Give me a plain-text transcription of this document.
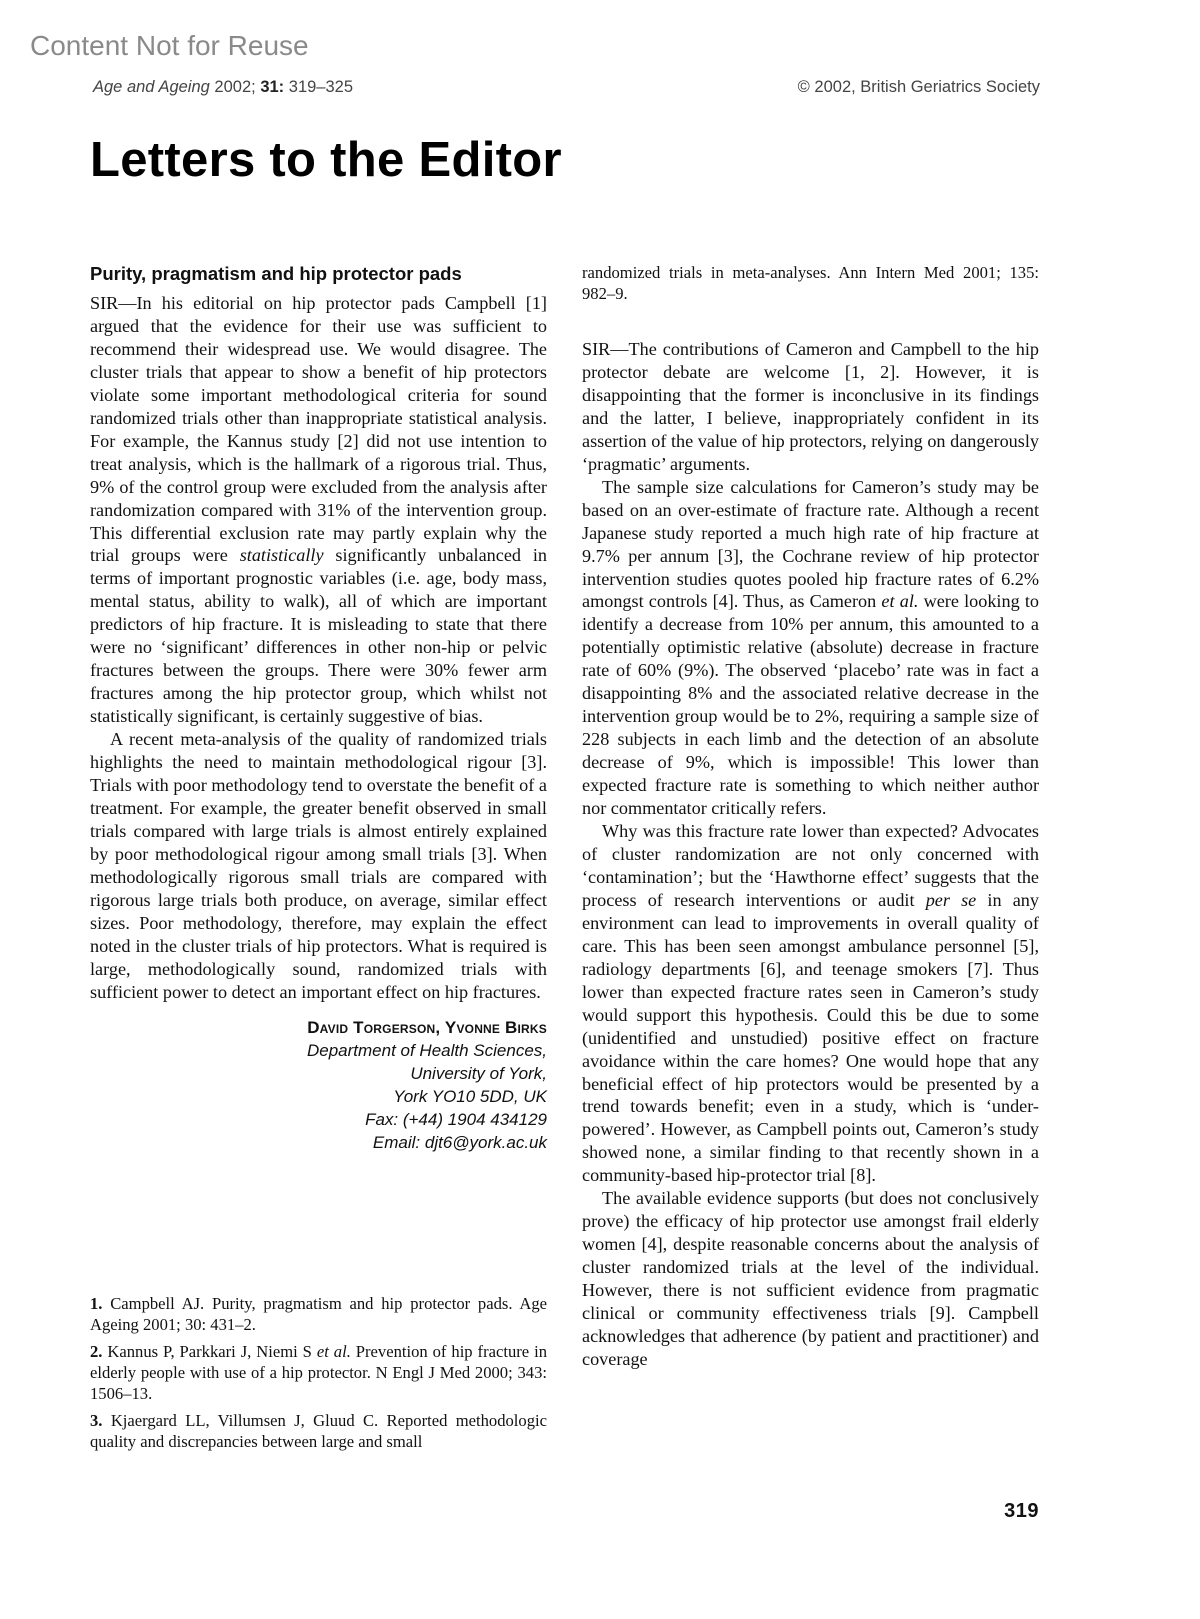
Content Not for Reuse
Age and Ageing 2002; 31: 319–325	© 2002, British Geriatrics Society
Letters to the Editor
Purity, pragmatism and hip protector pads

SIR—In his editorial on hip protector pads Campbell [1] argued that the evidence for their use was sufficient to recommend their widespread use. We would disagree. The cluster trials that appear to show a benefit of hip protectors violate some important methodological criteria for sound randomized trials other than inappropriate statistical analysis. For example, the Kannus study [2] did not use intention to treat analysis, which is the hallmark of a rigorous trial. Thus, 9% of the control group were excluded from the analysis after randomization compared with 31% of the intervention group. This differential exclusion rate may partly explain why the trial groups were statistically significantly unbalanced in terms of important prognostic variables (i.e. age, body mass, mental status, ability to walk), all of which are important predictors of hip fracture. It is misleading to state that there were no ‘significant’ differences in other non-hip or pelvic fractures between the groups. There were 30% fewer arm fractures among the hip protector group, which whilst not statistically significant, is certainly suggestive of bias.

A recent meta-analysis of the quality of randomized trials highlights the need to maintain methodological rigour [3]. Trials with poor methodology tend to overstate the benefit of a treatment. For example, the greater benefit observed in small trials compared with large trials is almost entirely explained by poor methodological rigour among small trials [3]. When methodologically rigorous small trials are compared with rigorous large trials both produce, on average, similar effect sizes. Poor methodology, therefore, may explain the effect noted in the cluster trials of hip protectors. What is required is large, methodologically sound, randomized trials with sufficient power to detect an important effect on hip fractures.

David Torgerson, Yvonne Birks
Department of Health Sciences,
University of York,
York YO10 5DD, UK
Fax: (+44) 1904 434129
Email: djt6@york.ac.uk
1. Campbell AJ. Purity, pragmatism and hip protector pads. Age Ageing 2001; 30: 431–2.
2. Kannus P, Parkkari J, Niemi S et al. Prevention of hip fracture in elderly people with use of a hip protector. N Engl J Med 2000; 343: 1506–13.
3. Kjaergard LL, Villumsen J, Gluud C. Reported methodologic quality and discrepancies between large and small
randomized trials in meta-analyses. Ann Intern Med 2001; 135: 982–9.

SIR—The contributions of Cameron and Campbell to the hip protector debate are welcome [1, 2]. However, it is disappointing that the former is inconclusive in its findings and the latter, I believe, inappropriately confident in its assertion of the value of hip protectors, relying on dangerously ‘pragmatic’ arguments.

The sample size calculations for Cameron’s study may be based on an over-estimate of fracture rate. Although a recent Japanese study reported a much high rate of hip fracture at 9.7% per annum [3], the Cochrane review of hip protector intervention studies quotes pooled hip fracture rates of 6.2% amongst controls [4]. Thus, as Cameron et al. were looking to identify a decrease from 10% per annum, this amounted to a potentially optimistic relative (absolute) decrease in fracture rate of 60% (9%). The observed ‘placebo’ rate was in fact a disappointing 8% and the associated relative decrease in the intervention group would be to 2%, requiring a sample size of 228 subjects in each limb and the detection of an absolute decrease of 9%, which is impossible! This lower than expected fracture rate is something to which neither author nor commentator critically refers.

Why was this fracture rate lower than expected? Advocates of cluster randomization are not only concerned with ‘contamination’; but the ‘Hawthorne effect’ suggests that the process of research interventions or audit per se in any environment can lead to improvements in overall quality of care. This has been seen amongst ambulance personnel [5], radiology departments [6], and teenage smokers [7]. Thus lower than expected fracture rates seen in Cameron’s study would support this hypothesis. Could this be due to some (unidentified and unstudied) positive effect on fracture avoidance within the care homes? One would hope that any beneficial effect of hip protectors would be presented by a trend towards benefit; even in a study, which is ‘under-powered’. However, as Campbell points out, Cameron’s study showed none, a similar finding to that recently shown in a community-based hip-protector trial [8].

The available evidence supports (but does not conclusively prove) the efficacy of hip protector use amongst frail elderly women [4], despite reasonable concerns about the analysis of cluster randomized trials at the level of the individual. However, there is not sufficient evidence from pragmatic clinical or community effectiveness trials [9]. Campbell acknowledges that adherence (by patient and practitioner) and coverage

319
